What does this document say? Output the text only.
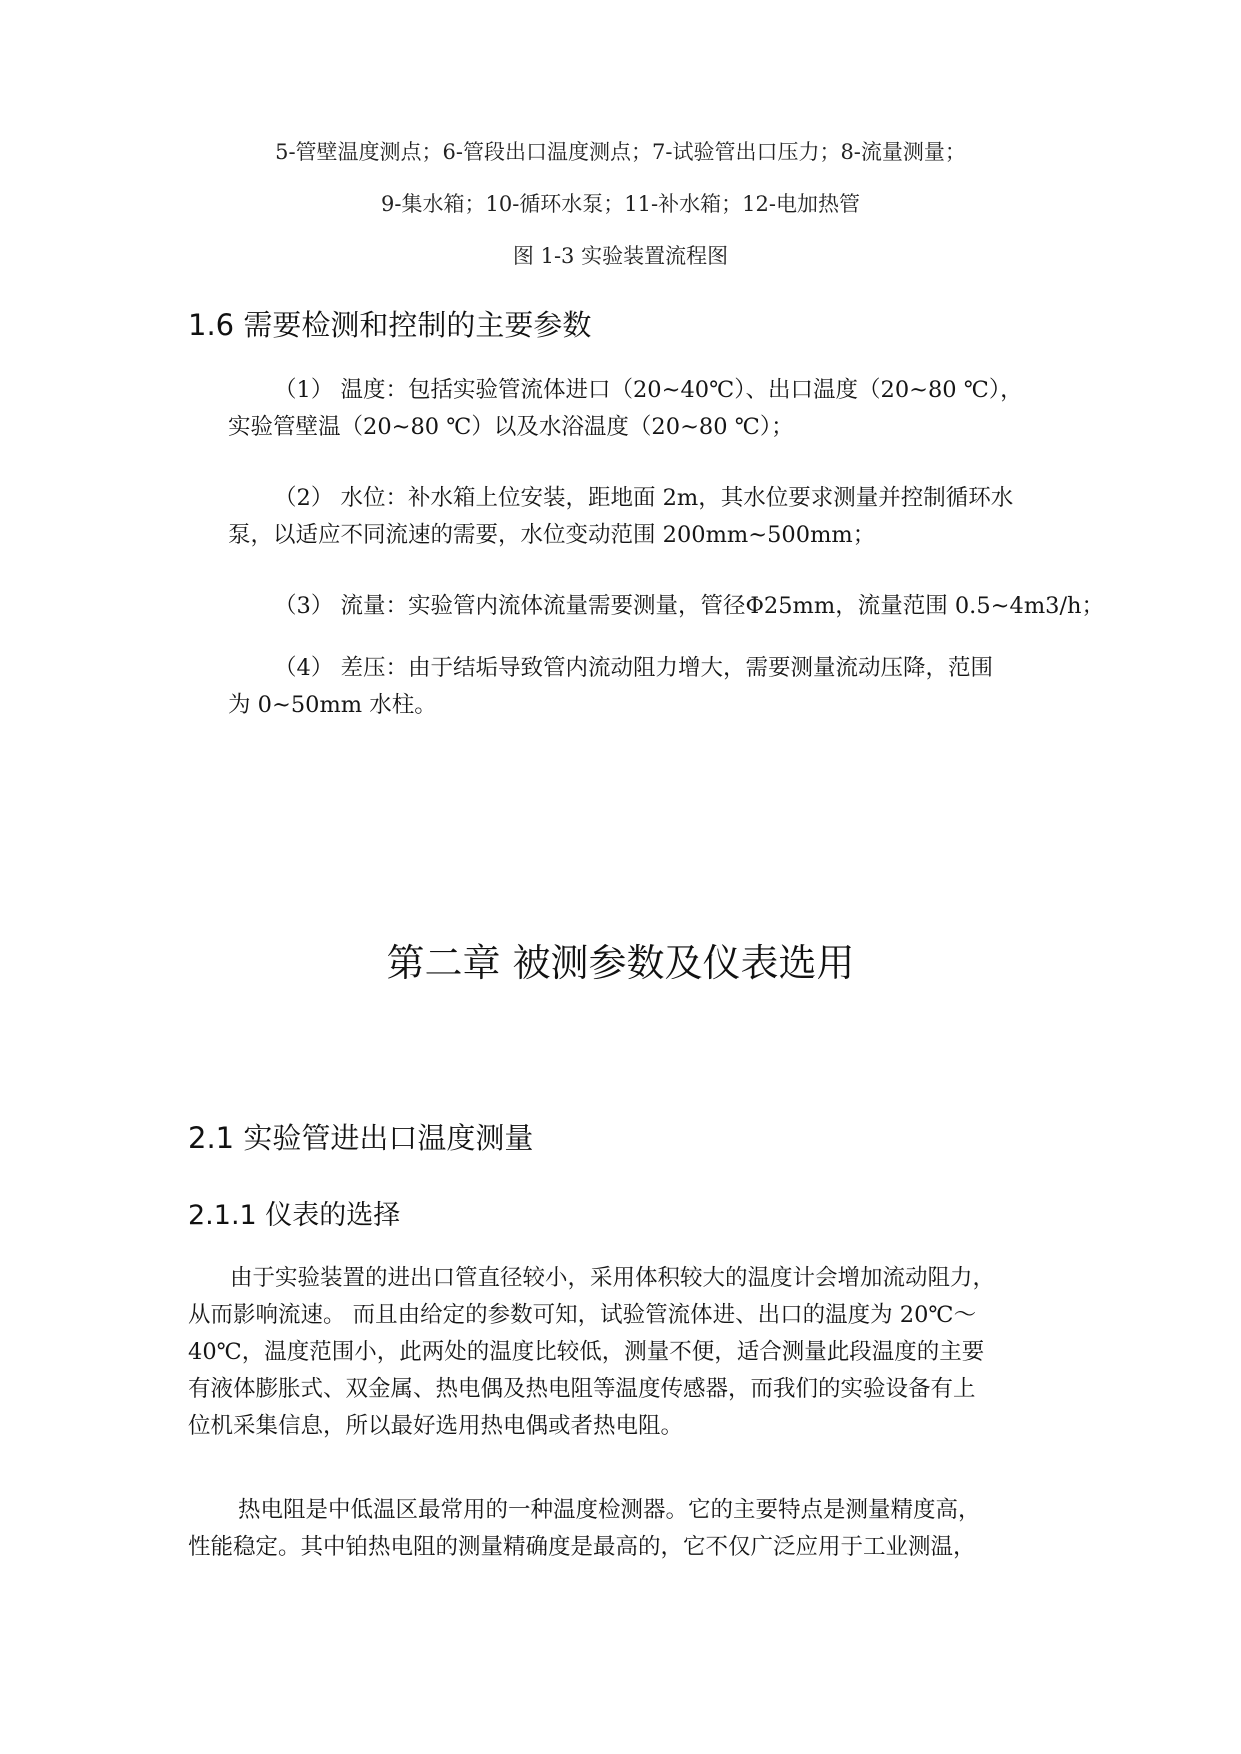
5-管壁温度测点；6-管段出口温度测点；7-试验管出口压力；8-流量测量；
9-集水箱；10-循环水泵；11-补水箱；12-电加热管
图 1-3 实验装置流程图
1.6 需要检测和控制的主要参数
（1） 温度：包括实验管流体进口（20~40℃）、出口温度（20~80 ℃），
实验管壁温（20~80 ℃）以及水浴温度（20~80 ℃）；
（2） 水位：补水箱上位安装，距地面 2m，其水位要求测量并控制循环水
泵，以适应不同流速的需要，水位变动范围 200mm~500mm；
（3） 流量：实验管内流体流量需要测量，管径Φ25mm，流量范围 0.5~4m3/h；
（4） 差压：由于结垢导致管内流动阻力增大，需要测量流动压降，范围
为 0~50mm 水柱。
第二章 被测参数及仪表选用
2.1 实验管进出口温度测量
2.1.1 仪表的选择
由于实验装置的进出口管直径较小，采用体积较大的温度计会增加流动阻力，
从而影响流速。 而且由给定的参数可知，试验管流体进、出口的温度为 20℃～
40℃，温度范围小，此两处的温度比较低，测量不便，适合测量此段温度的主要
有液体膨胀式、双金属、热电偶及热电阻等温度传感器，而我们的实验设备有上
位机采集信息，所以最好选用热电偶或者热电阻。
热电阻是中低温区最常用的一种温度检测器。它的主要特点是测量精度高，
性能稳定。其中铂热电阻的测量精确度是最高的，它不仅广泛应用于工业测温，
